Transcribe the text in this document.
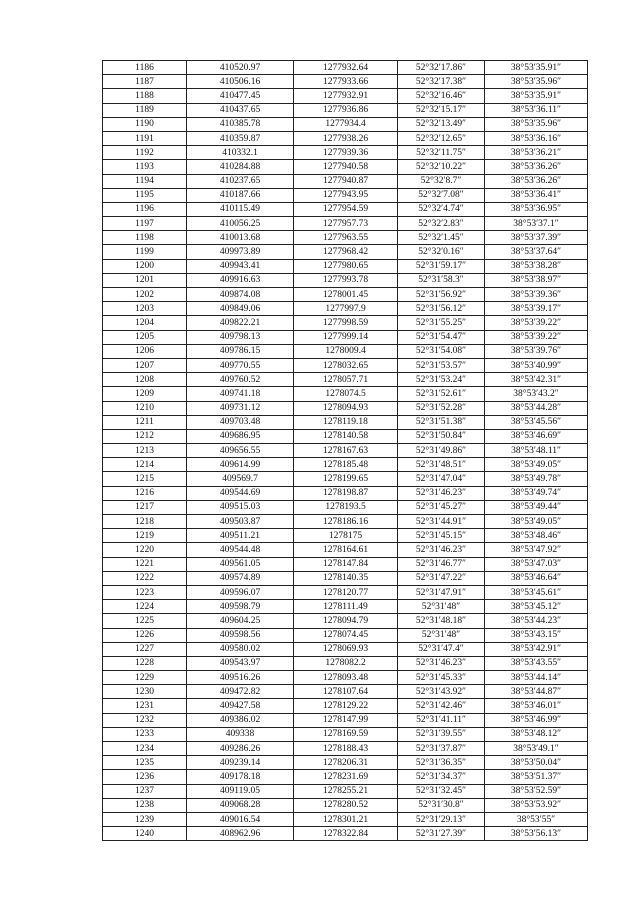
1186	410520.97	1277932.64	52°32′17.86″	38°53′35.91″
1187	410506.16	1277933.66	52°32′17.38″	38°53′35.96″
1188	410477.45	1277932.91	52°32′16.46″	38°53′35.91″
1189	410437.65	1277936.86	52°32′15.17″	38°53′36.11″
1190	410385.78	1277934.4	52°32′13.49″	38°53′35.96″
1191	410359.87	1277938.26	52°32′12.65″	38°53′36.16″
1192	410332.1	1277939.36	52°32′11.75″	38°53′36.21″
1193	410284.88	1277940.58	52°32′10.22″	38°53′36.26″
1194	410237.65	1277940.87	52°32′8.7″	38°53′36.26″
1195	410187.66	1277943.95	52°32′7.08″	38°53′36.41″
1196	410115.49	1277954.59	52°32′4.74″	38°53′36.95″
1197	410056.25	1277957.73	52°32′2.83″	38°53′37.1″
1198	410013.68	1277963.55	52°32′1.45″	38°53′37.39″
1199	409973.89	1277968.42	52°32′0.16″	38°53′37.64″
1200	409943.41	1277980.65	52°31′59.17″	38°53′38.28″
1201	409916.63	1277993.78	52°31′58.3″	38°53′38.97″
1202	409874.08	1278001.45	52°31′56.92″	38°53′39.36″
1203	409849.06	1277997.9	52°31′56.12″	38°53′39.17″
1204	409822.21	1277998.59	52°31′55.25″	38°53′39.22″
1205	409798.13	1277999.14	52°31′54.47″	38°53′39.22″
1206	409786.15	1278009.4	52°31′54.08″	38°53′39.76″
1207	409770.55	1278032.65	52°31′53.57″	38°53′40.99″
1208	409760.52	1278057.71	52°31′53.24″	38°53′42.31″
1209	409741.18	1278074.5	52°31′52.61″	38°53′43.2″
1210	409731.12	1278094.93	52°31′52.28″	38°53′44.28″
1211	409703.48	1278119.18	52°31′51.38″	38°53′45.56″
1212	409686.95	1278140.58	52°31′50.84″	38°53′46.69″
1213	409656.55	1278167.63	52°31′49.86″	38°53′48.11″
1214	409614.99	1278185.48	52°31′48.51″	38°53′49.05″
1215	409569.7	1278199.65	52°31′47.04″	38°53′49.78″
1216	409544.69	1278198.87	52°31′46.23″	38°53′49.74″
1217	409515.03	1278193.5	52°31′45.27″	38°53′49.44″
1218	409503.87	1278186.16	52°31′44.91″	38°53′49.05″
1219	409511.21	1278175	52°31′45.15″	38°53′48.46″
1220	409544.48	1278164.61	52°31′46.23″	38°53′47.92″
1221	409561.05	1278147.84	52°31′46.77″	38°53′47.03″
1222	409574.89	1278140.35	52°31′47.22″	38°53′46.64″
1223	409596.07	1278120.77	52°31′47.91″	38°53′45.61″
1224	409598.79	1278111.49	52°31′48″	38°53′45.12″
1225	409604.25	1278094.79	52°31′48.18″	38°53′44.23″
1226	409598.56	1278074.45	52°31′48″	38°53′43.15″
1227	409580.02	1278069.93	52°31′47.4″	38°53′42.91″
1228	409543.97	1278082.2	52°31′46.23″	38°53′43.55″
1229	409516.26	1278093.48	52°31′45.33″	38°53′44.14″
1230	409472.82	1278107.64	52°31′43.92″	38°53′44.87″
1231	409427.58	1278129.22	52°31′42.46″	38°53′46.01″
1232	409386.02	1278147.99	52°31′41.11″	38°53′46.99″
1233	409338	1278169.59	52°31′39.55″	38°53′48.12″
1234	409286.26	1278188.43	52°31′37.87″	38°53′49.1″
1235	409239.14	1278206.31	52°31′36.35″	38°53′50.04″
1236	409178.18	1278231.69	52°31′34.37″	38°53′51.37″
1237	409119.05	1278255.21	52°31′32.45″	38°53′52.59″
1238	409068.28	1278280.52	52°31′30.8″	38°53′53.92″
1239	409016.54	1278301.21	52°31′29.13″	38°53′55″
1240	408962.96	1278322.84	52°31′27.39″	38°53′56.13″
